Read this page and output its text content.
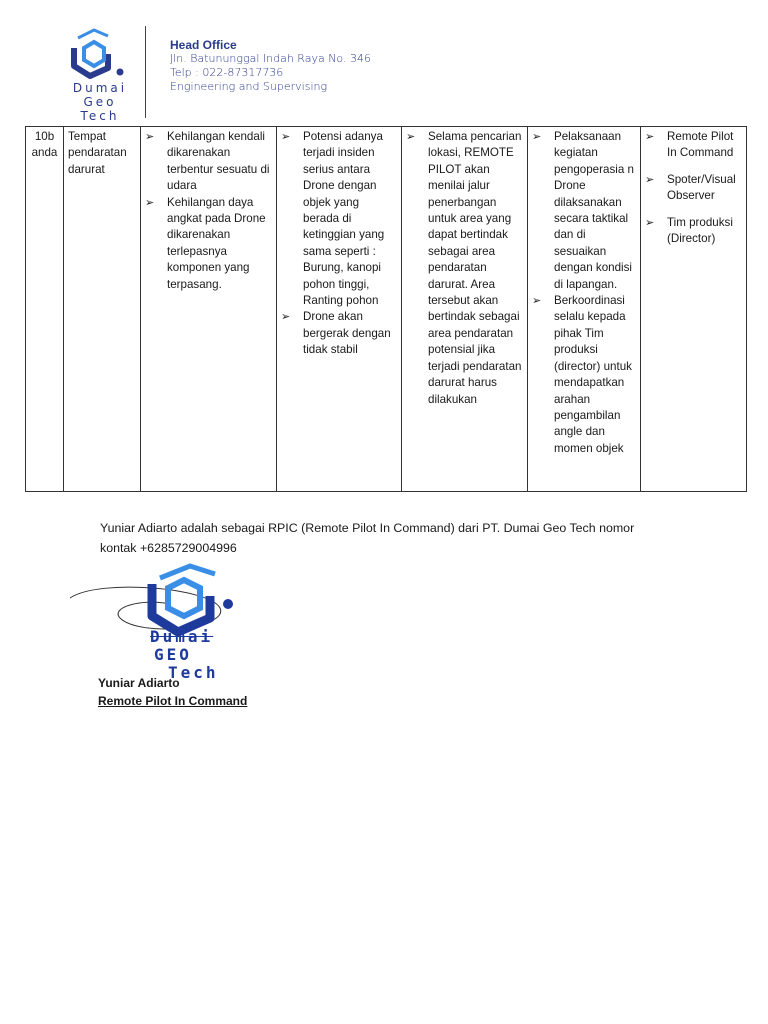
Dumai
Geo
Tech
Head Office
Jln. Batununggal Indah Raya No. 346
Telp : 022-87317736
Engineering and Supervising
10b
anda

Tempat pendaratan darurat

➢ Kehilangan kendali dikarenakan terbentur sesuatu di udara
➢ Kehilangan daya angkat pada Drone dikarenakan terlepasnya komponen yang terpasang.

➢ Potensi adanya terjadi insiden serius antara Drone dengan objek yang berada di ketinggian yang sama seperti : Burung, kanopi pohon tinggi, Ranting pohon
➢ Drone akan bergerak dengan tidak stabil

➢ Selama pencarian lokasi, REMOTE PILOT akan menilai jalur penerbangan untuk area yang dapat bertindak sebagai area pendaratan darurat. Area tersebut akan bertindak sebagai area pendaratan potensial jika terjadi pendaratan darurat harus dilakukan

➢ Pelaksanaan kegiatan pengoperasia n Drone dilaksanakan secara taktikal dan di sesuaikan dengan kondisi di lapangan.
➢ Berkoordinasi selalu kepada pihak Tim produksi (director) untuk mendapatkan arahan pengambilan angle dan momen objek

➢ Remote Pilot In Command
➢ Spoter/Visual Observer
➢ Tim produksi (Director)
Yuniar Adiarto adalah sebagai RPIC (Remote Pilot In Command) dari PT. Dumai Geo Tech nomor kontak +6285729004996
Dumai
GEO
Tech
Yuniar Adiarto
Remote Pilot In Command
